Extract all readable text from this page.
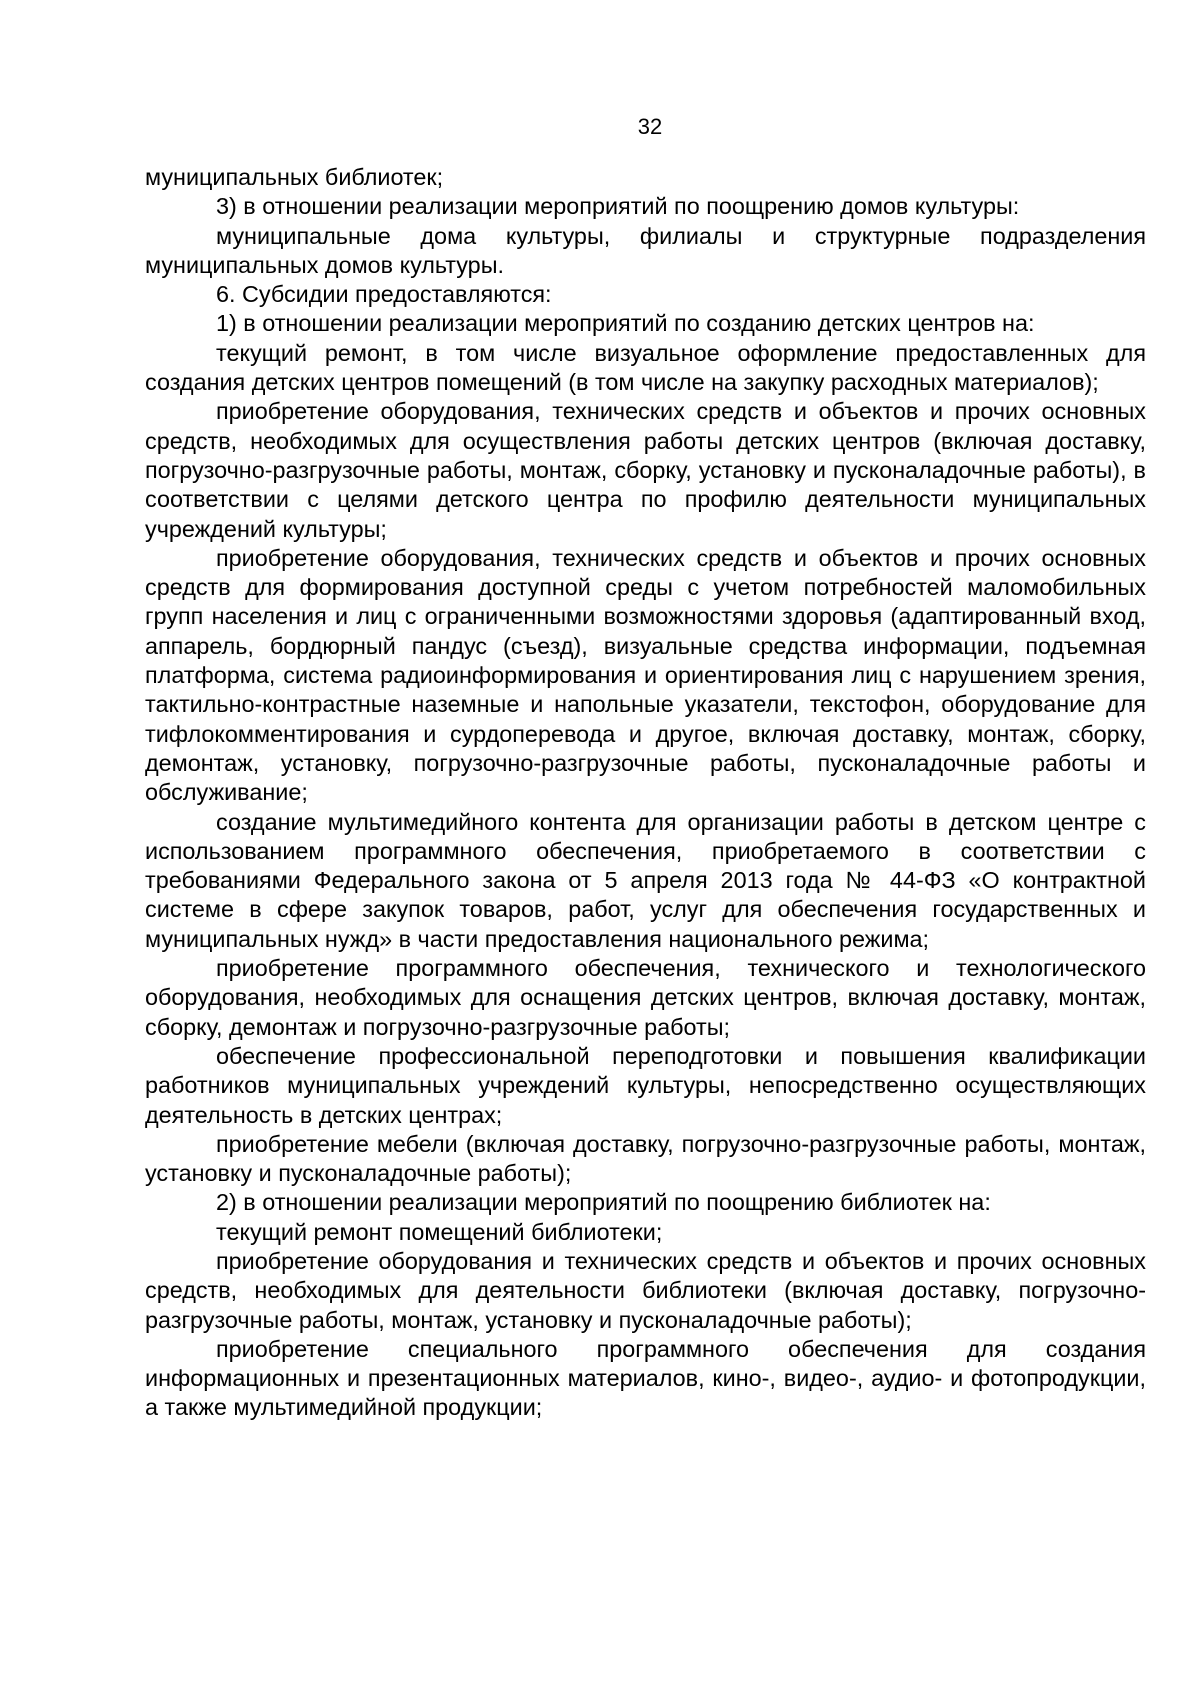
32

муниципальных библиотек;

3) в отношении реализации мероприятий по поощрению домов культуры:

муниципальные дома культуры, филиалы и структурные подразделения муниципальных домов культуры.

6. Субсидии предоставляются:

1) в отношении реализации мероприятий по созданию детских центров на:

текущий ремонт, в том числе визуальное оформление предоставленных для создания детских центров помещений (в том числе на закупку расходных материалов);

приобретение оборудования, технических средств и объектов и прочих основных средств, необходимых для осуществления работы детских центров (включая доставку, погрузочно-разгрузочные работы, монтаж, сборку, установку и пусконаладочные работы), в соответствии с целями детского центра по профилю деятельности муниципальных учреждений культуры;

приобретение оборудования, технических средств и объектов и прочих основных средств для формирования доступной среды с учетом потребностей маломобильных групп населения и лиц с ограниченными возможностями здоровья (адаптированный вход, аппарель, бордюрный пандус (съезд), визуальные средства информации, подъемная платформа, система радиоинформирования и ориентирования лиц с нарушением зрения, тактильно-контрастные наземные и напольные указатели, текстофон, оборудование для тифлокомментирования и сурдоперевода и другое, включая доставку, монтаж, сборку, демонтаж, установку, погрузочно-разгрузочные работы, пусконаладочные работы и обслуживание;

создание мультимедийного контента для организации работы в детском центре с использованием программного обеспечения, приобретаемого в соответствии с требованиями Федерального закона от 5 апреля 2013 года № 44-ФЗ «О контрактной системе в сфере закупок товаров, работ, услуг для обеспечения государственных и муниципальных нужд» в части предоставления национального режима;

приобретение программного обеспечения, технического и технологического оборудования, необходимых для оснащения детских центров, включая доставку, монтаж, сборку, демонтаж и погрузочно-разгрузочные работы;

обеспечение профессиональной переподготовки и повышения квалификации работников муниципальных учреждений культуры, непосредственно осуществляющих деятельность в детских центрах;

приобретение мебели (включая доставку, погрузочно-разгрузочные работы, монтаж, установку и пусконаладочные работы);

2) в отношении реализации мероприятий по поощрению библиотек на:

текущий ремонт помещений библиотеки;

приобретение оборудования и технических средств и объектов и прочих основных средств, необходимых для деятельности библиотеки (включая доставку, погрузочно-разгрузочные работы, монтаж, установку и пусконаладочные работы);

приобретение специального программного обеспечения для создания информационных и презентационных материалов, кино-, видео-, аудио- и фотопродукции, а также мультимедийной продукции;
